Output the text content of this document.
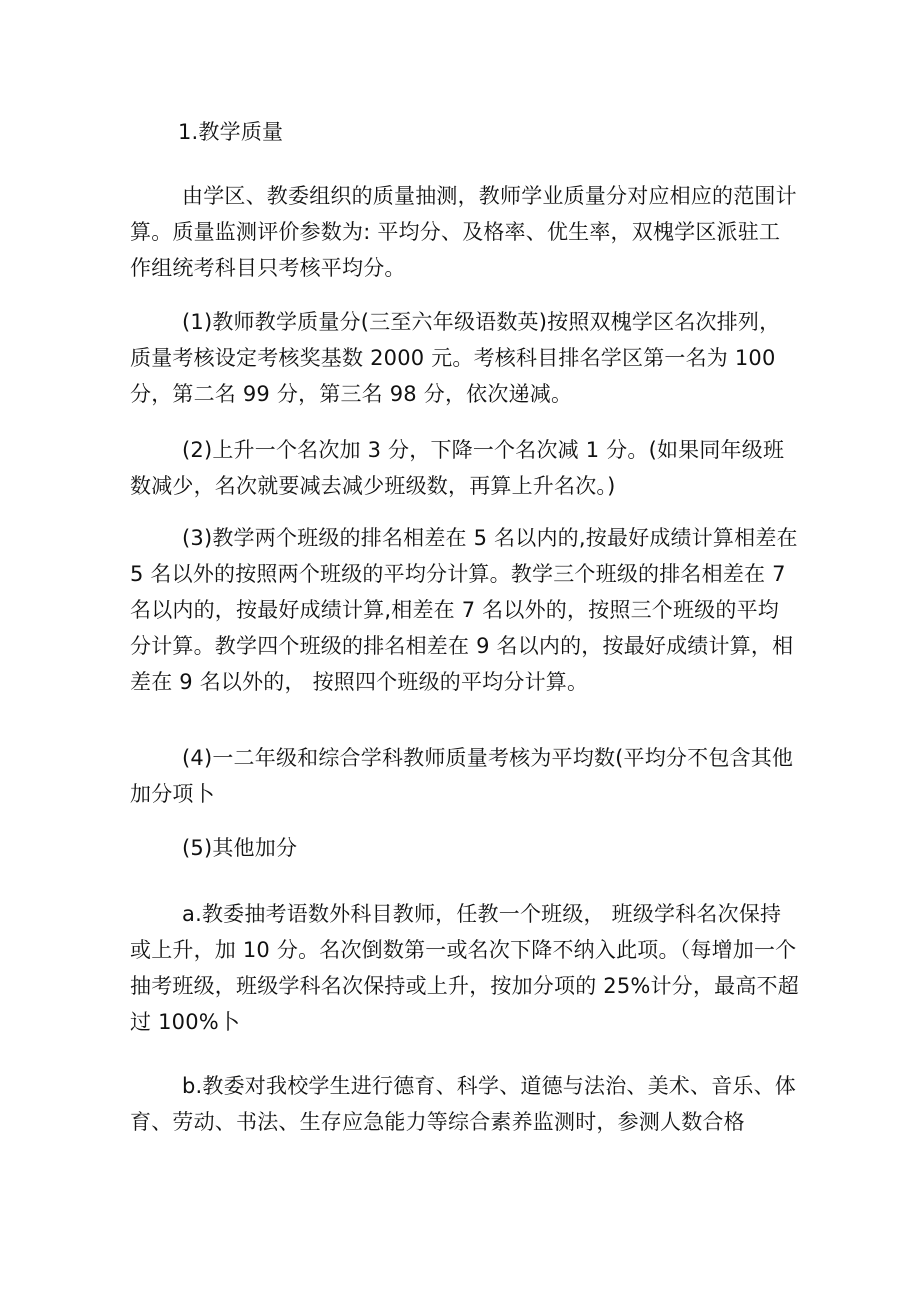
1.教学质量

由学区、教委组织的质量抽测，教师学业质量分对应相应的范围计算。质量监测评价参数为: 平均分、及格率、优生率，双槐学区派驻工作组统考科目只考核平均分。

(1)教师教学质量分(三至六年级语数英)按照双槐学区名次排列，质量考核设定考核奖基数 2000 元。考核科目排名学区第一名为 100 分，第二名 99 分，第三名 98 分，依次递减。

(2)上升一个名次加 3 分，下降一个名次减 1 分。(如果同年级班数减少，名次就要减去减少班级数，再算上升名次。)

(3)教学两个班级的排名相差在 5 名以内的,按最好成绩计算相差在 5 名以外的按照两个班级的平均分计算。教学三个班级的排名相差在 7 名以内的，按最好成绩计算,相差在 7 名以外的，按照三个班级的平均分计算。教学四个班级的排名相差在 9 名以内的，按最好成绩计算，相差在 9 名以外的， 按照四个班级的平均分计算。

(4)一二年级和综合学科教师质量考核为平均数(平均分不包含其他加分项卜

(5)其他加分

a.教委抽考语数外科目教师，任教一个班级， 班级学科名次保持或上升，加 10 分。名次倒数第一或名次下降不纳入此项。（每增加一个抽考班级，班级学科名次保持或上升，按加分项的 25%计分，最高不超过 100%卜

b.教委对我校学生进行德育、科学、道德与法治、美术、音乐、体育、劳动、书法、生存应急能力等综合素养监测时，参测人数合格
